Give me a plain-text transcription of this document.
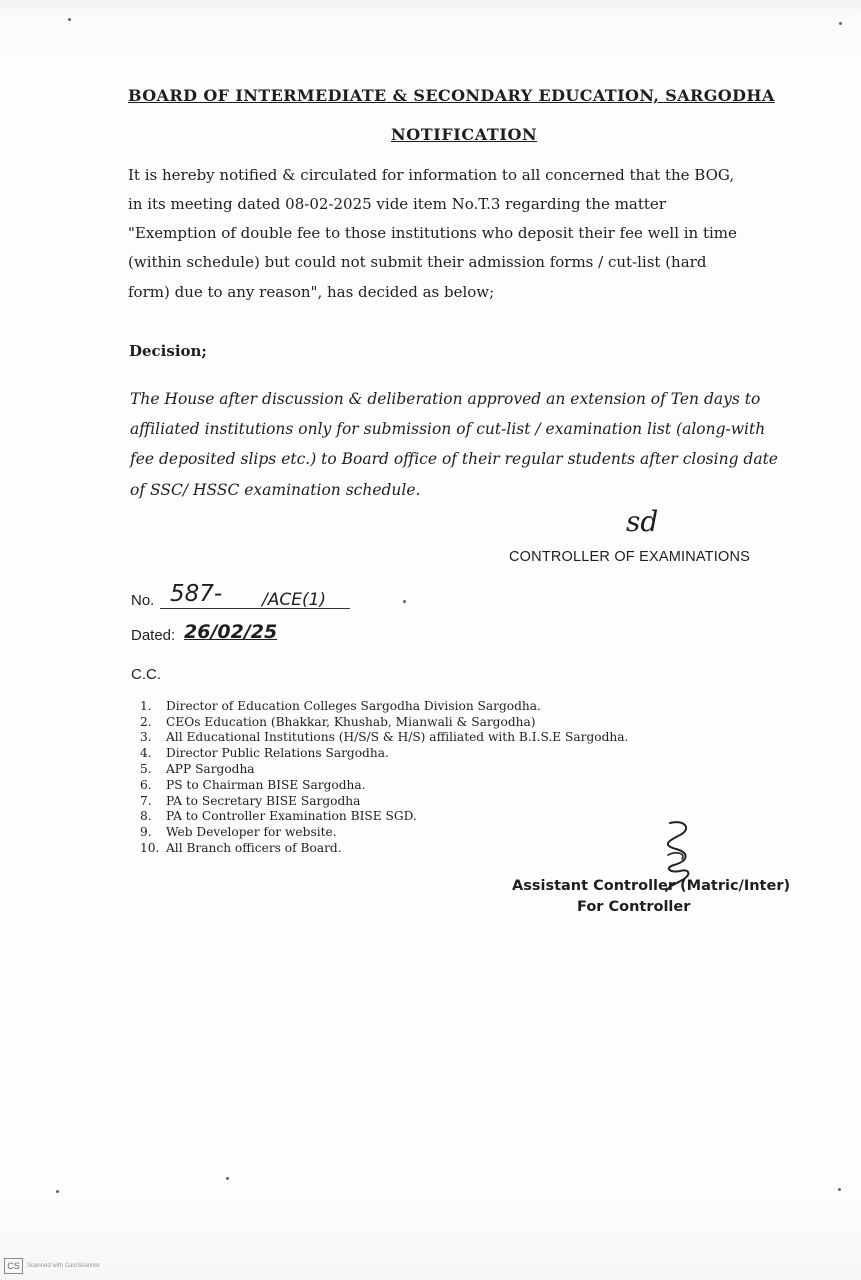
BOARD OF INTERMEDIATE & SECONDARY EDUCATION, SARGODHA
NOTIFICATION
It is hereby notified & circulated for information to all concerned that the BOG,
in its meeting dated 08-02-2025 vide item No.T.3 regarding the matter
"Exemption of double fee to those institutions who deposit their fee well in time
(within schedule) but could not submit their admission forms / cut-list (hard
form) due to any reason", has decided as below;
Decision;
The House after discussion & deliberation approved an extension of Ten days to
affiliated institutions only for submission of cut-list / examination list (along-with
fee deposited slips etc.) to Board office of their regular students after closing date
of SSC/ HSSC examination schedule.
sd
CONTROLLER OF EXAMINATIONS
No. 587- /ACE(1)
Dated: 26/02/25
C.C.
1.	Director of Education Colleges Sargodha Division Sargodha.
2.	CEOs Education (Bhakkar, Khushab, Mianwali & Sargodha)
3.	All Educational Institutions (H/S/S & H/S) affiliated with B.I.S.E Sargodha.
4.	Director Public Relations Sargodha.
5.	APP Sargodha
6.	PS to Chairman BISE Sargodha.
7.	PA to Secretary BISE Sargodha
8.	PA to Controller Examination BISE SGD.
9.	Web Developer for website.
10. All Branch officers of Board.
Assistant Controller (Matric/Inter)
For Controller
CS	Scanned with CamScanner
